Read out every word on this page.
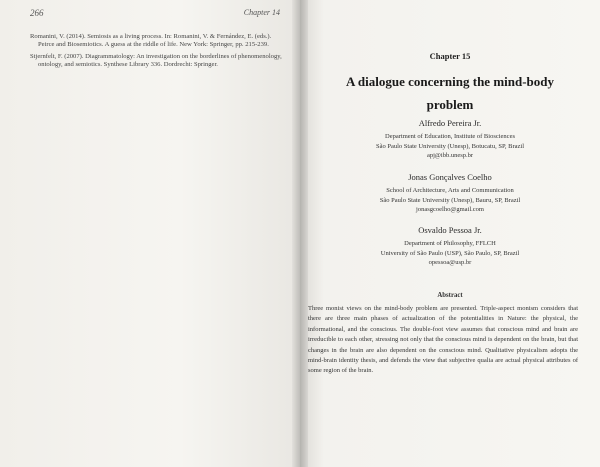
266	Chapter 14

Romanini, V. (2014). Semiosis as a living process. In: Romanini, V. & Fernández, E. (eds.). Peirce and Biosemiotics. A guess at the riddle of life. New York: Springer, pp. 215-239.

Stjernfelt, F. (2007). Diagrammatology: An investigation on the borderlines of phenomenology, ontology, and semiotics. Synthese Library 336. Dordrecht: Springer.

Chapter 15
A dialogue concerning the mind-body problem
Alfredo Pereira Jr.
Department of Education, Institute of Biosciences
São Paulo State University (Unesp), Botucatu, SP, Brazil
apj@ibb.unesp.br
Jonas Gonçalves Coelho
School of Architecture, Arts and Communication
São Paulo State University (Unesp), Bauru, SP, Brazil
jonasgcoelho@gmail.com
Osvaldo Pessoa Jr.
Department of Philosophy, FFLCH
University of São Paulo (USP), São Paulo, SP, Brazil
opessoa@usp.br
Abstract
Three monist views on the mind-body problem are presented. Triple-aspect monism considers that there are three main phases of actualization of the potentialities in Nature: the physical, the informational, and the conscious. The double-foot view assumes that conscious mind and brain are irreducible to each other, stressing not only that the conscious mind is dependent on the brain, but that changes in the brain are also dependent on the conscious mind. Qualitative physicalism adopts the mind-brain identity thesis, and defends the view that subjective qualia are actual physical attributes of some region of the brain.
